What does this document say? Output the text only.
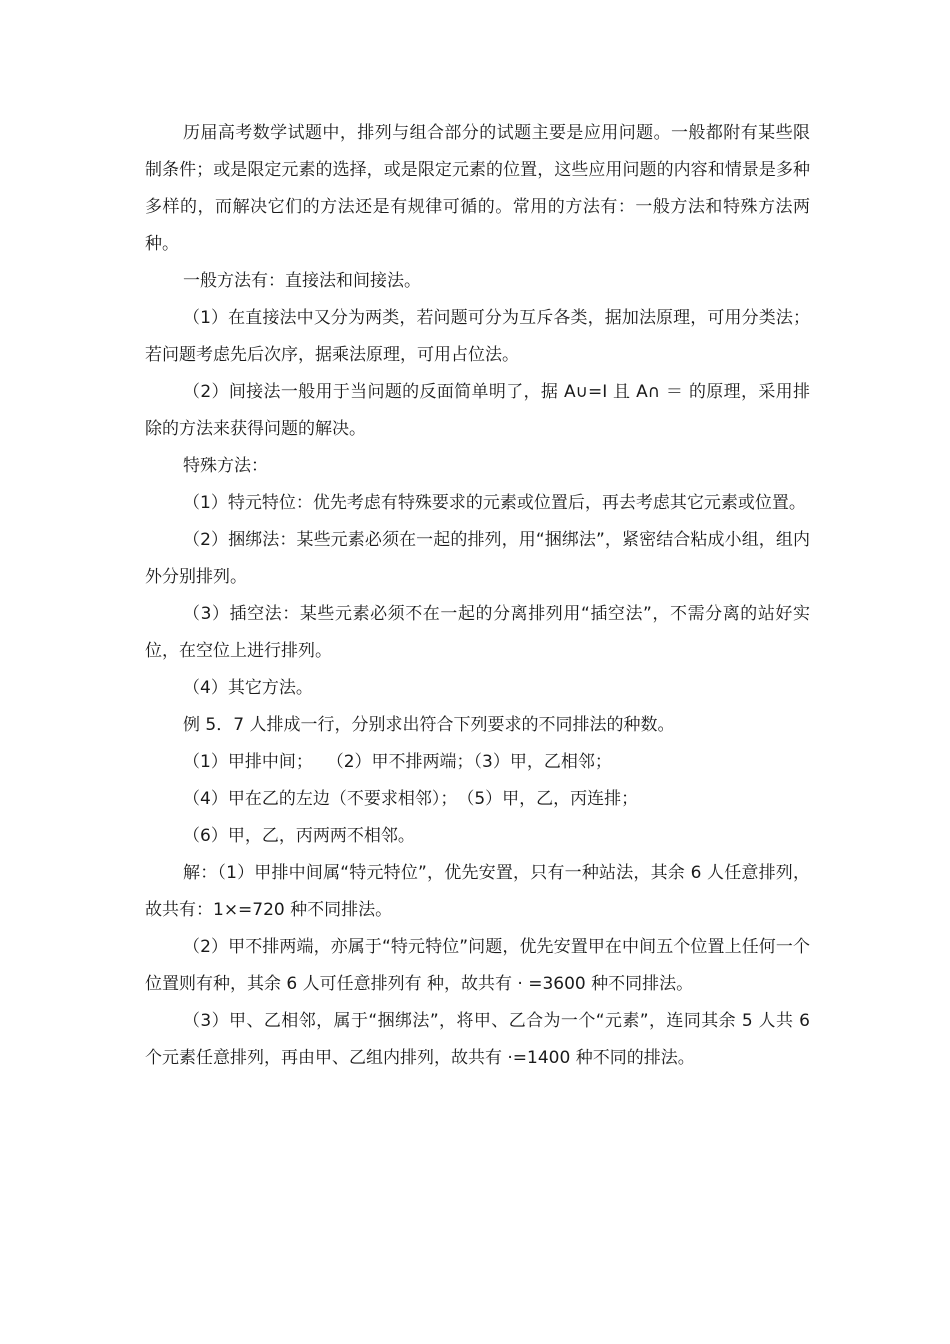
历届高考数学试题中，排列与组合部分的试题主要是应用问题。一般都附有某些限制条件；或是限定元素的选择，或是限定元素的位置，这些应用问题的内容和情景是多种多样的，而解决它们的方法还是有规律可循的。常用的方法有：一般方法和特殊方法两种。

一般方法有：直接法和间接法。

（1）在直接法中又分为两类，若问题可分为互斥各类，据加法原理，可用分类法；若问题考虑先后次序，据乘法原理，可用占位法。

（2）间接法一般用于当问题的反面简单明了，据 A∪=I 且 A∩ ＝ 的原理，采用排除的方法来获得问题的解决。

特殊方法：

（1）特元特位：优先考虑有特殊要求的元素或位置后，再去考虑其它元素或位置。

（2）捆绑法：某些元素必须在一起的排列，用“捆绑法”，紧密结合粘成小组，组内外分别排列。

（3）插空法：某些元素必须不在一起的分离排列用“插空法”，不需分离的站好实位，在空位上进行排列。

（4）其它方法。

例 5．7 人排成一行，分别求出符合下列要求的不同排法的种数。

（1）甲排中间；　 （2）甲不排两端；（3）甲，乙相邻；

（4）甲在乙的左边（不要求相邻）；　（5）甲，乙，丙连排；

（6）甲，乙，丙两两不相邻。

解：（1）甲排中间属“特元特位”，优先安置，只有一种站法，其余 6 人任意排列，故共有：1×=720 种不同排法。

（2）甲不排两端，亦属于“特元特位”问题，优先安置甲在中间五个位置上任何一个位置则有种，其余 6 人可任意排列有 种，故共有 · =3600 种不同排法。

（3）甲、乙相邻，属于“捆绑法”，将甲、乙合为一个“元素”，连同其余 5 人共 6 个元素任意排列，再由甲、乙组内排列，故共有 ·=1400 种不同的排法。
